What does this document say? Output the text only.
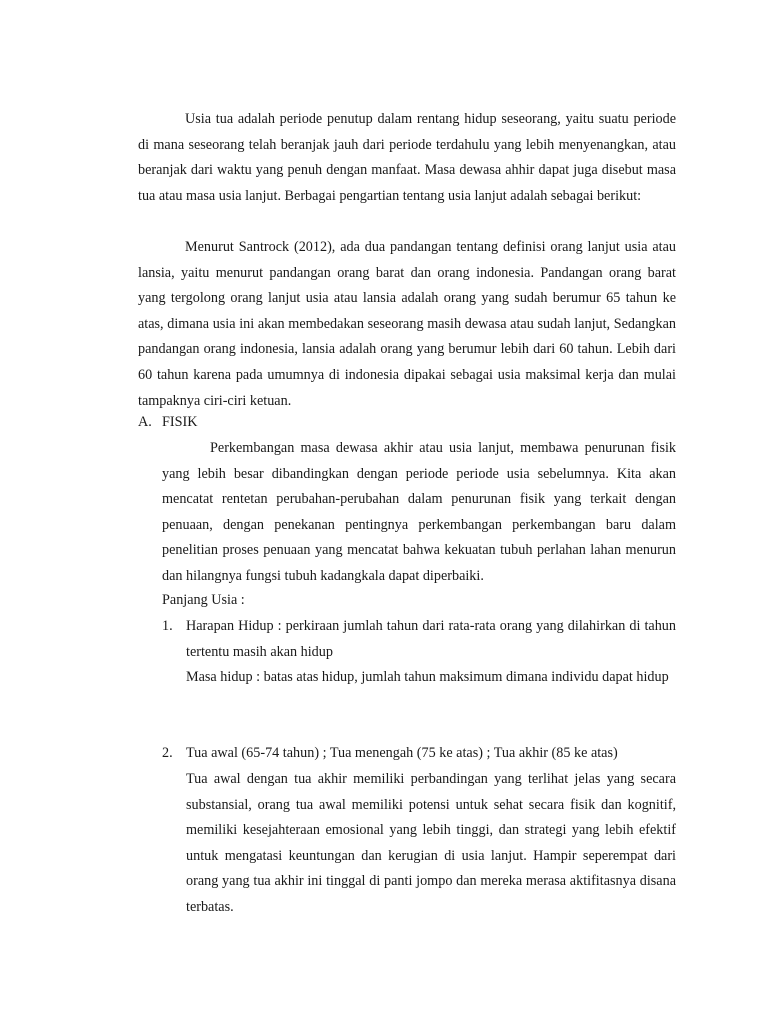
Usia tua adalah periode penutup dalam rentang hidup seseorang, yaitu suatu periode di mana seseorang telah beranjak jauh dari periode terdahulu yang lebih menyenangkan, atau beranjak dari waktu yang penuh dengan manfaat. Masa dewasa ahhir dapat juga disebut masa tua atau masa usia lanjut. Berbagai pengartian tentang usia lanjut adalah sebagai berikut:
Menurut Santrock (2012), ada dua pandangan tentang definisi orang lanjut usia atau lansia, yaitu menurut pandangan orang barat dan orang indonesia. Pandangan orang barat yang tergolong orang lanjut usia atau lansia adalah orang yang sudah berumur 65 tahun ke atas, dimana usia ini akan membedakan seseorang masih dewasa atau sudah lanjut, Sedangkan pandangan orang indonesia, lansia adalah orang yang berumur lebih dari 60 tahun. Lebih dari 60 tahun karena pada umumnya di indonesia dipakai sebagai usia maksimal kerja dan mulai tampaknya ciri-ciri ketuan.
A. FISIK
Perkembangan masa dewasa akhir atau usia lanjut, membawa penurunan fisik yang lebih besar dibandingkan dengan periode periode usia sebelumnya. Kita akan mencatat rentetan perubahan-perubahan dalam penurunan fisik yang terkait dengan penuaan, dengan penekanan pentingnya perkembangan perkembangan baru dalam penelitian proses penuaan yang mencatat bahwa kekuatan tubuh perlahan lahan menurun dan hilangnya fungsi tubuh kadangkala dapat diperbaiki.
Panjang Usia :
1. Harapan Hidup : perkiraan jumlah tahun dari rata-rata orang yang dilahirkan di tahun tertentu masih akan hidup
Masa hidup : batas atas hidup, jumlah tahun maksimum dimana individu dapat hidup
2. Tua awal (65-74 tahun) ; Tua menengah (75 ke atas) ; Tua akhir (85 ke atas)
Tua awal dengan tua akhir memiliki perbandingan yang terlihat jelas yang secara substansial, orang tua awal memiliki potensi untuk sehat secara fisik dan kognitif, memiliki kesejahteraan emosional yang lebih tinggi, dan strategi yang lebih efektif untuk mengatasi keuntungan dan kerugian di usia lanjut. Hampir seperempat dari orang yang tua akhir ini tinggal di panti jompo dan mereka merasa aktifitasnya disana terbatas.
